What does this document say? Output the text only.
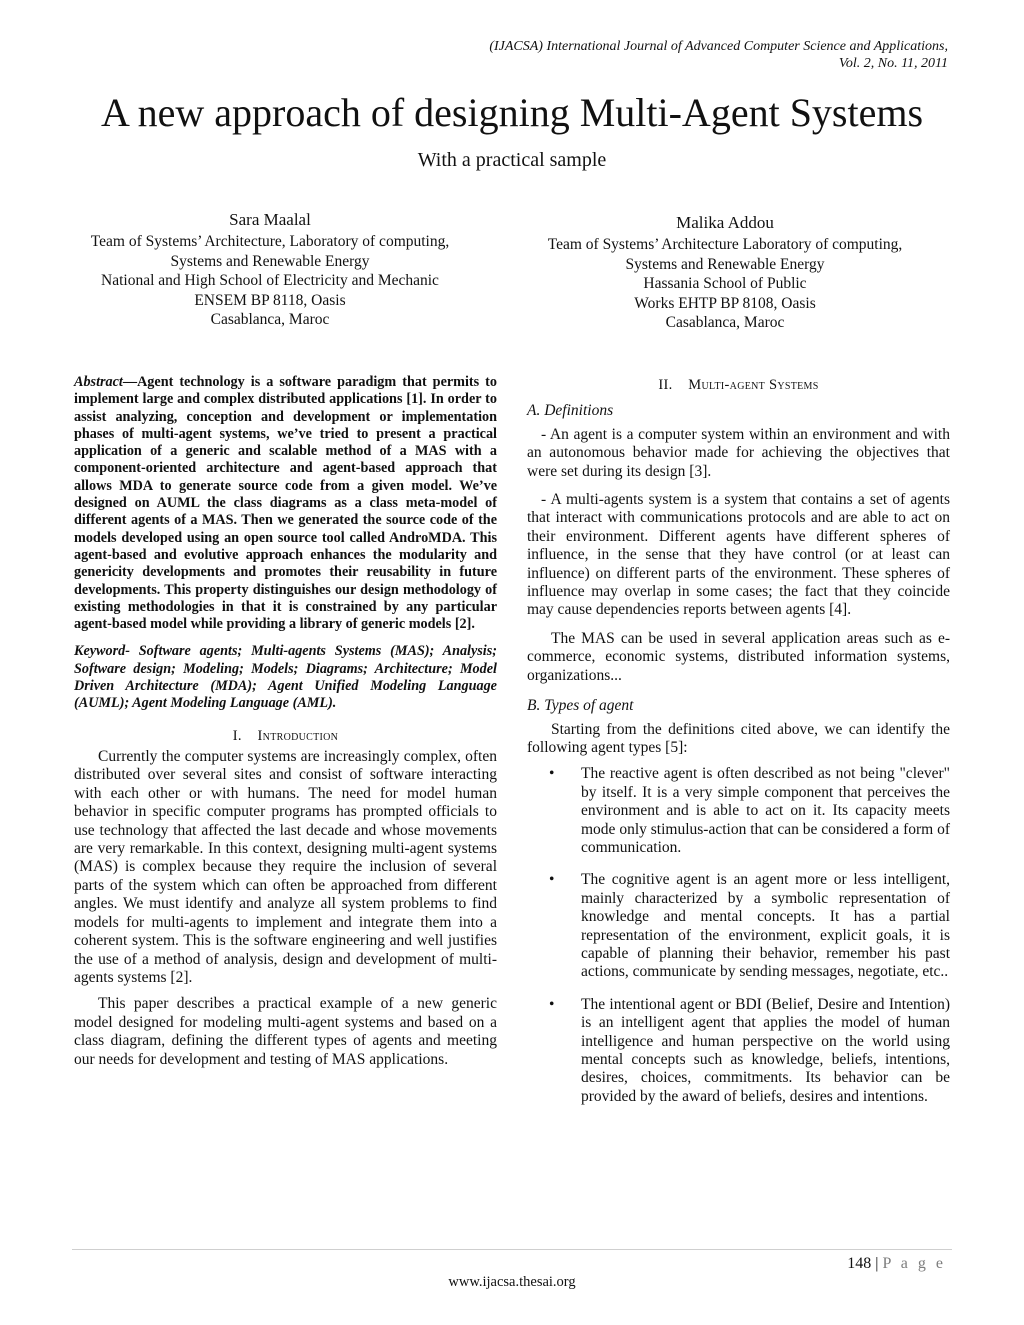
(IJACSA) International Journal of Advanced Computer Science and Applications,
Vol. 2, No. 11, 2011
A new approach of designing Multi-Agent Systems
With a practical sample
Sara Maalal
Team of Systems’ Architecture, Laboratory of computing,
Systems and Renewable Energy
National and High School of Electricity and Mechanic
ENSEM BP 8118, Oasis
Casablanca, Maroc
Malika Addou
Team of Systems’ Architecture Laboratory of computing,
Systems and Renewable Energy
Hassania School of Public
Works EHTP BP 8108, Oasis
Casablanca, Maroc
Abstract—Agent technology is a software paradigm that permits to implement large and complex distributed applications [1]. In order to assist analyzing, conception and development or implementation phases of multi-agent systems, we’ve tried to present a practical application of a generic and scalable method of a MAS with a component-oriented architecture and agent-based approach that allows MDA to generate source code from a given model. We’ve designed on AUML the class diagrams as a class meta-model of different agents of a MAS. Then we generated the source code of the models developed using an open source tool called AndroMDA. This agent-based and evolutive approach enhances the modularity and genericity developments and promotes their reusability in future developments. This property distinguishes our design methodology of existing methodologies in that it is constrained by any particular agent-based model while providing a library of generic models [2].
Keyword- Software agents; Multi-agents Systems (MAS); Analysis; Software design; Modeling; Models; Diagrams; Architecture; Model Driven Architecture (MDA); Agent Unified Modeling Language (AUML); Agent Modeling Language (AML).
I. Introduction

Currently the computer systems are increasingly complex, often distributed over several sites and consist of software interacting with each other or with humans. The need for model human behavior in specific computer programs has prompted officials to use technology that affected the last decade and whose movements are very remarkable. In this context, designing multi-agent systems (MAS) is complex because they require the inclusion of several parts of the system which can often be approached from different angles. We must identify and analyze all system problems to find models for multi-agents to implement and integrate them into a coherent system. This is the software engineering and well justifies the use of a method of analysis, design and development of multi-agents systems [2].

This paper describes a practical example of a new generic model designed for modeling multi-agent systems and based on a class diagram, defining the different types of agents and meeting our needs for development and testing of MAS applications.

II. Multi-agent Systems
A. Definitions

- An agent is a computer system within an environment and with an autonomous behavior made for achieving the objectives that were set during its design [3].

- A multi-agents system is a system that contains a set of agents that interact with communications protocols and are able to act on their environment. Different agents have different spheres of influence, in the sense that they have control (or at least can influence) on different parts of the environment. These spheres of influence may overlap in some cases; the fact that they coincide may cause dependencies reports between agents [4].

The MAS can be used in several application areas such as e-commerce, economic systems, distributed information systems, organizations...

B. Types of agent

Starting from the definitions cited above, we can identify the following agent types [5]:

• The reactive agent is often described as not being "clever" by itself. It is a very simple component that perceives the environment and is able to act on it. Its capacity meets mode only stimulus-action that can be considered a form of communication.
• The cognitive agent is an agent more or less intelligent, mainly characterized by a symbolic representation of knowledge and mental concepts. It has a partial representation of the environment, explicit goals, it is capable of planning their behavior, remember his past actions, communicate by sending messages, negotiate, etc..
• The intentional agent or BDI (Belief, Desire and Intention) is an intelligent agent that applies the model of human intelligence and human perspective on the world using mental concepts such as knowledge, beliefs, intentions, desires, choices, commitments. Its behavior can be provided by the award of beliefs, desires and intentions.
148 | P a g e
www.ijacsa.thesai.org
